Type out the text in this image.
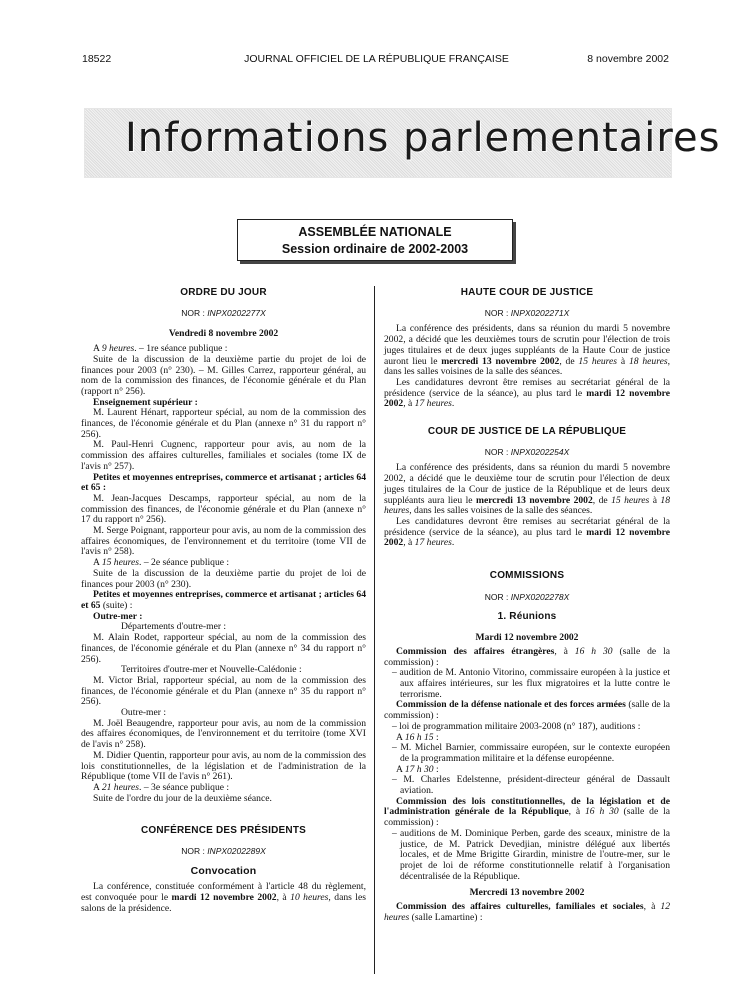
18522	JOURNAL OFFICIEL DE LA RÉPUBLIQUE FRANÇAISE	8 novembre 2002
Informations parlementaires
ASSEMBLÉE NATIONALE
Session ordinaire de 2002-2003
ORDRE DU JOUR
NOR : INPX0202277X

Vendredi 8 novembre 2002

A 9 heures. – 1re séance publique :

Suite de la discussion de la deuxième partie du projet de loi de finances pour 2003 (n° 230). – M. Gilles Carrez, rapporteur général, au nom de la commission des finances, de l'économie générale et du Plan (rapport n° 256).

Enseignement supérieur :

M. Laurent Hénart, rapporteur spécial, au nom de la commission des finances, de l'économie générale et du Plan (annexe n° 31 du rapport n° 256).

M. Paul-Henri Cugnenc, rapporteur pour avis, au nom de la commission des affaires culturelles, familiales et sociales (tome IX de l'avis n° 257).

Petites et moyennes entreprises, commerce et artisanat ; articles 64 et 65 :

M. Jean-Jacques Descamps, rapporteur spécial, au nom de la commission des finances, de l'économie générale et du Plan (annexe n° 17 du rapport n° 256).

M. Serge Poignant, rapporteur pour avis, au nom de la commission des affaires économiques, de l'environnement et du territoire (tome VII de l'avis n° 258).

A 15 heures. – 2e séance publique :

Suite de la discussion de la deuxième partie du projet de loi de finances pour 2003 (n° 230).

Petites et moyennes entreprises, commerce et artisanat ; articles 64 et 65 (suite) :

Outre-mer :

Départements d'outre-mer :

M. Alain Rodet, rapporteur spécial, au nom de la commission des finances, de l'économie générale et du Plan (annexe n° 34 du rapport n° 256).

Territoires d'outre-mer et Nouvelle-Calédonie :

M. Victor Brial, rapporteur spécial, au nom de la commission des finances, de l'économie générale et du Plan (annexe n° 35 du rapport n° 256).

Outre-mer :

M. Joël Beaugendre, rapporteur pour avis, au nom de la commission des affaires économiques, de l'environnement et du territoire (tome XVI de l'avis n° 258).

M. Didier Quentin, rapporteur pour avis, au nom de la commission des lois constitutionnelles, de la législation et de l'administration de la République (tome VII de l'avis n° 261).

A 21 heures. – 3e séance publique :

Suite de l'ordre du jour de la deuxième séance.

CONFÉRENCE DES PRÉSIDENTS
NOR : INPX0202289X
Convocation

La conférence, constituée conformément à l'article 48 du règlement, est convoquée pour le mardi 12 novembre 2002, à 10 heures, dans les salons de la présidence.

HAUTE COUR DE JUSTICE
NOR : INPX0202271X

La conférence des présidents, dans sa réunion du mardi 5 novembre 2002, a décidé que les deuxièmes tours de scrutin pour l'élection de trois juges titulaires et de deux juges suppléants de la Haute Cour de justice auront lieu le mercredi 13 novembre 2002, de 15 heures à 18 heures, dans les salles voisines de la salle des séances.

Les candidatures devront être remises au secrétariat général de la présidence (service de la séance), au plus tard le mardi 12 novembre 2002, à 17 heures.

COUR DE JUSTICE DE LA RÉPUBLIQUE
NOR : INPX0202254X

La conférence des présidents, dans sa réunion du mardi 5 novembre 2002, a décidé que le deuxième tour de scrutin pour l'élection de deux juges titulaires de la Cour de justice de la République et de leurs deux suppléants aura lieu le mercredi 13 novembre 2002, de 15 heures à 18 heures, dans les salles voisines de la salle des séances.

Les candidatures devront être remises au secrétariat général de la présidence (service de la séance), au plus tard le mardi 12 novembre 2002, à 17 heures.

COMMISSIONS
NOR : INPX0202278X
1. Réunions

Mardi 12 novembre 2002

Commission des affaires étrangères, à 16 h 30 (salle de la commission) :

– audition de M. Antonio Vitorino, commissaire européen à la justice et aux affaires intérieures, sur les flux migratoires et la lutte contre le terrorisme.

Commission de la défense nationale et des forces armées (salle de la commission) :

– loi de programmation militaire 2003-2008 (n° 187), auditions :

A 16 h 15 :

– M. Michel Barnier, commissaire européen, sur le contexte européen de la programmation militaire et la défense européenne.

A 17 h 30 :

– M. Charles Edelstenne, président-directeur général de Dassault aviation.

Commission des lois constitutionnelles, de la législation et de l'administration générale de la République, à 16 h 30 (salle de la commission) :

– auditions de M. Dominique Perben, garde des sceaux, ministre de la justice, de M. Patrick Devedjian, ministre délégué aux libertés locales, et de Mme Brigitte Girardin, ministre de l'outre-mer, sur le projet de loi de réforme constitutionnelle relatif à l'organisation décentralisée de la République.

Mercredi 13 novembre 2002

Commission des affaires culturelles, familiales et sociales, à 12 heures (salle Lamartine) :
